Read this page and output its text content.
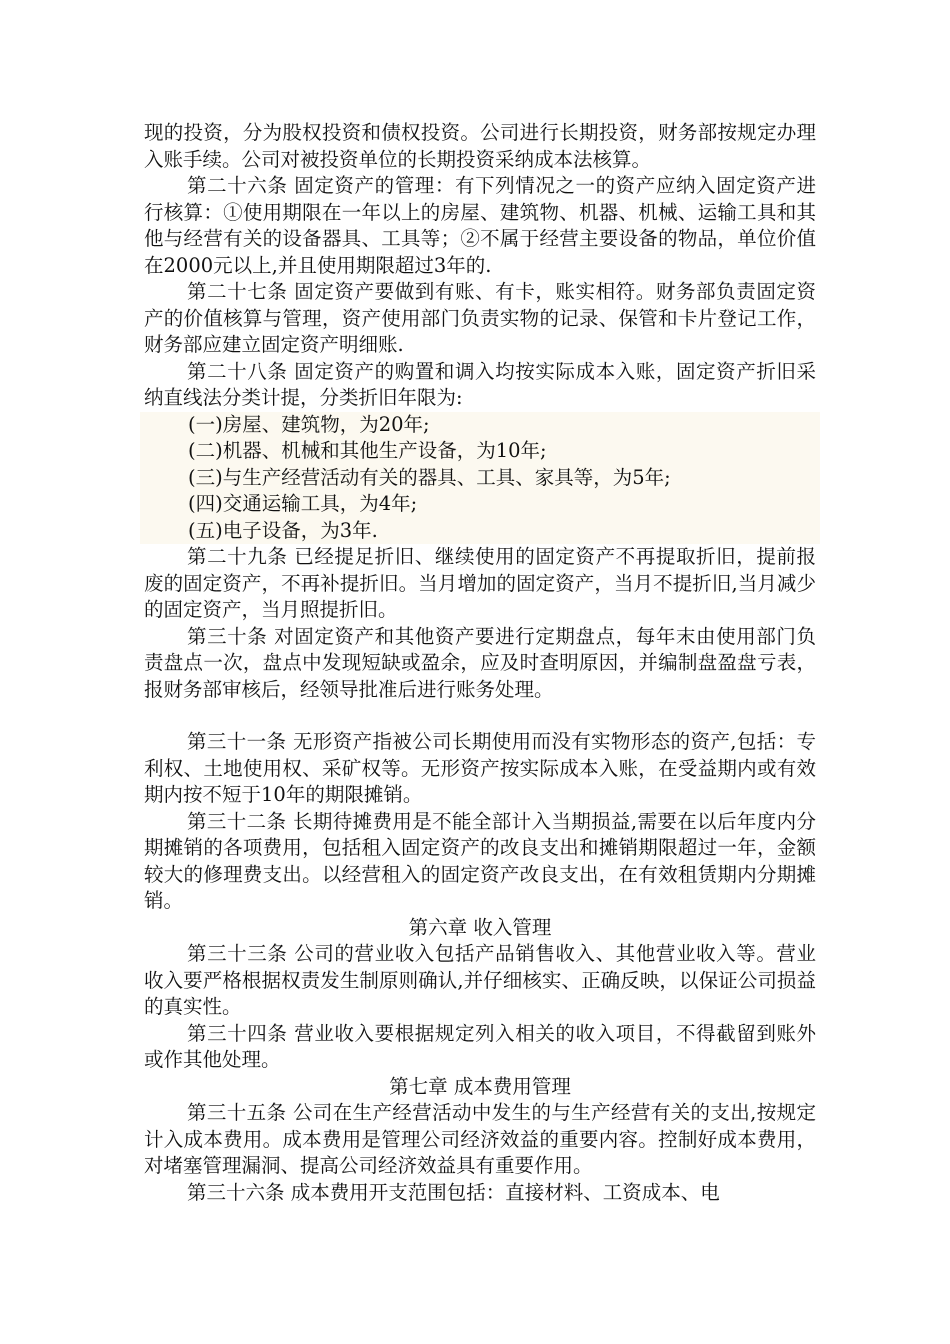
现的投资，分为股权投资和债权投资。公司进行长期投资，财务部按规定办理入账手续。公司对被投资单位的长期投资采纳成本法核算。

第二十六条 固定资产的管理：有下列情况之一的资产应纳入固定资产进行核算：①使用期限在一年以上的房屋、建筑物、机器、机械、运输工具和其他与经营有关的设备器具、工具等；②不属于经营主要设备的物品，单位价值在2000元以上,并且使用期限超过3年的.

第二十七条 固定资产要做到有账、有卡，账实相符。财务部负责固定资产的价值核算与管理，资产使用部门负责实物的记录、保管和卡片登记工作，财务部应建立固定资产明细账.

第二十八条 固定资产的购置和调入均按实际成本入账，固定资产折旧采纳直线法分类计提，分类折旧年限为:

(一)房屋、建筑物，为20年;

(二)机器、机械和其他生产设备，为10年;

(三)与生产经营活动有关的器具、工具、家具等，为5年;

(四)交通运输工具，为4年;

(五)电子设备，为3年.

第二十九条 已经提足折旧、继续使用的固定资产不再提取折旧，提前报废的固定资产，不再补提折旧。当月增加的固定资产，当月不提折旧,当月减少的固定资产，当月照提折旧。

第三十条 对固定资产和其他资产要进行定期盘点，每年末由使用部门负责盘点一次，盘点中发现短缺或盈余，应及时查明原因，并编制盘盈盘亏表，报财务部审核后，经领导批准后进行账务处理。

第三十一条 无形资产指被公司长期使用而没有实物形态的资产,包括：专利权、土地使用权、采矿权等。无形资产按实际成本入账，在受益期内或有效期内按不短于10年的期限摊销。

第三十二条 长期待摊费用是不能全部计入当期损益,需要在以后年度内分期摊销的各项费用，包括租入固定资产的改良支出和摊销期限超过一年，金额较大的修理费支出。以经营租入的固定资产改良支出，在有效租赁期内分期摊销。

第六章 收入管理

第三十三条 公司的营业收入包括产品销售收入、其他营业收入等。营业收入要严格根据权责发生制原则确认,并仔细核实、正确反映，以保证公司损益的真实性。

第三十四条 营业收入要根据规定列入相关的收入项目，不得截留到账外或作其他处理。

第七章 成本费用管理

第三十五条 公司在生产经营活动中发生的与生产经营有关的支出,按规定计入成本费用。成本费用是管理公司经济效益的重要内容。控制好成本费用，对堵塞管理漏洞、提高公司经济效益具有重要作用。

第三十六条 成本费用开支范围包括：直接材料、工资成本、电
